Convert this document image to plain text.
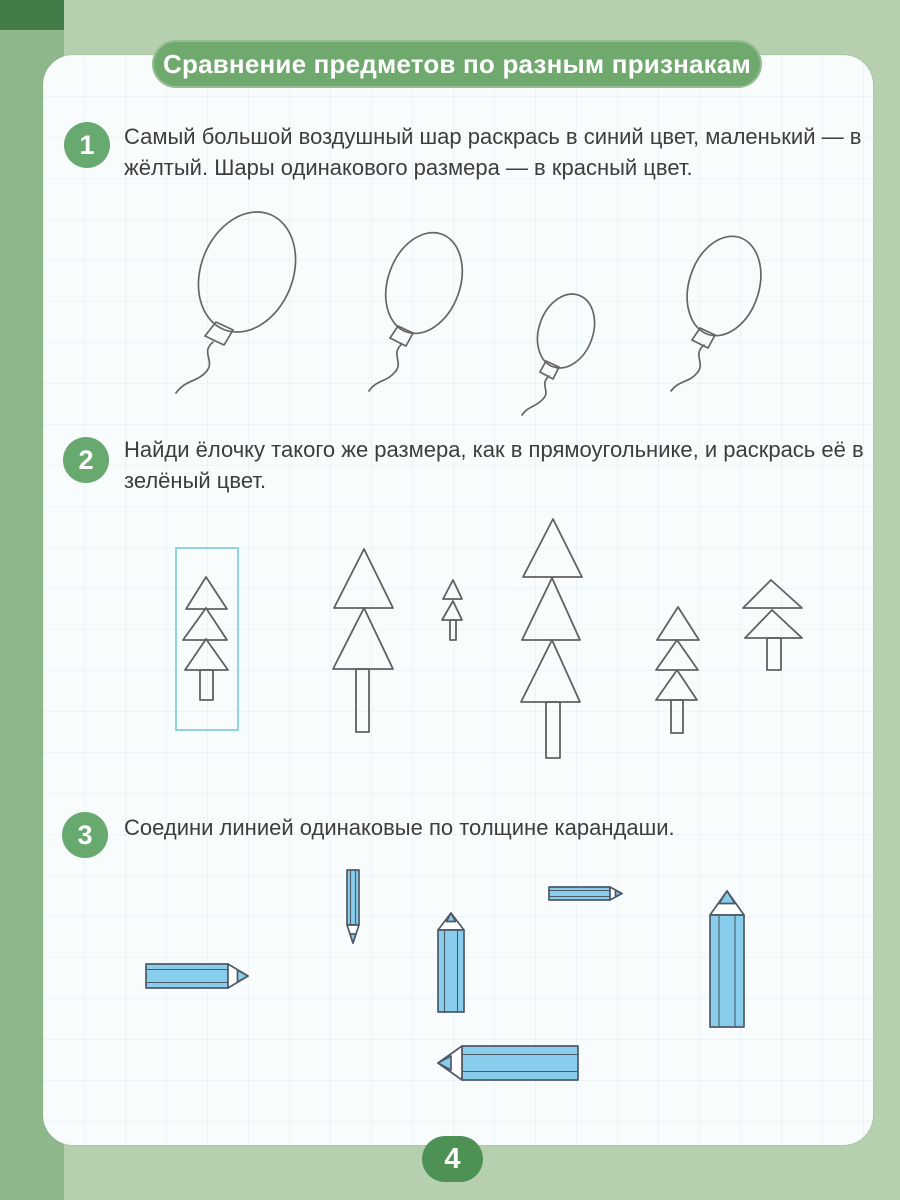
Сравнение предметов по разным признакам
1 Самый большой воздушный шар раскрась в синий цвет, маленький — в жёлтый. Шары одинакового размера — в красный цвет.
2 Найди ёлочку такого же размера, как в прямоугольнике, и раскрась её в зелёный цвет.
3 Соедини линией одинаковые по толщине карандаши.
4
